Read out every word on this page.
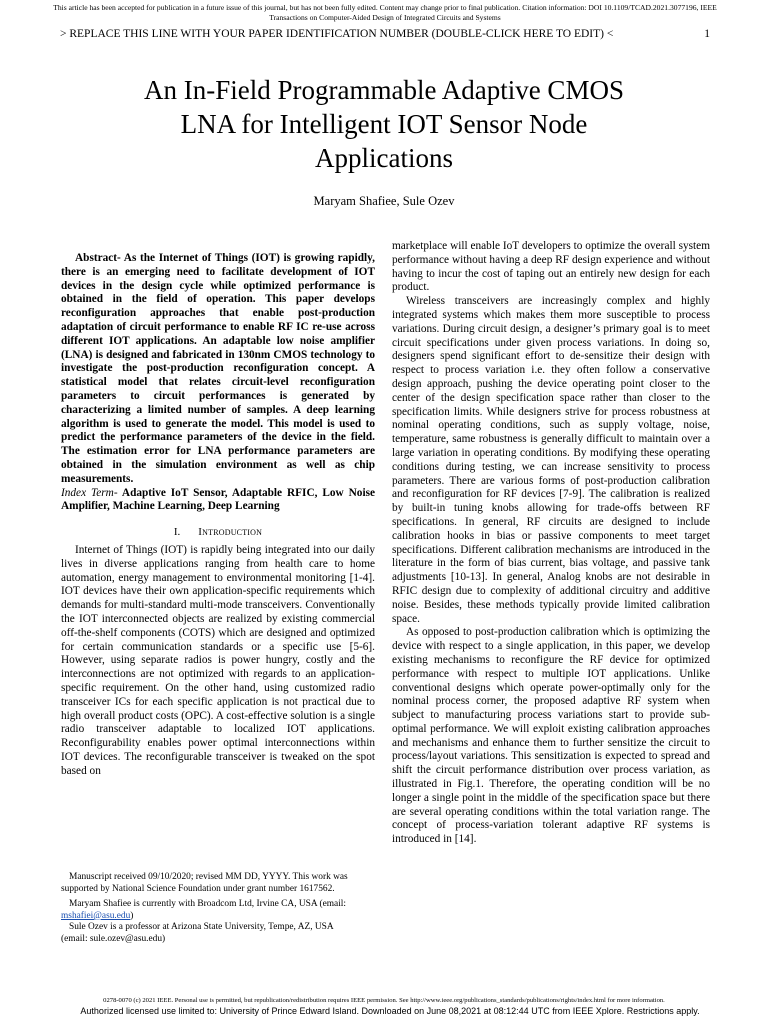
This article has been accepted for publication in a future issue of this journal, but has not been fully edited. Content may change prior to final publication. Citation information: DOI 10.1109/TCAD.2021.3077196, IEEE
Transactions on Computer-Aided Design of Integrated Circuits and Systems
> REPLACE THIS LINE WITH YOUR PAPER IDENTIFICATION NUMBER (DOUBLE-CLICK HERE TO EDIT) <	1
An In-Field Programmable Adaptive CMOS
LNA for Intelligent IOT Sensor Node
Applications
Maryam Shafiee, Sule Ozev

Abstract- As the Internet of Things (IOT) is growing rapidly, there is an emerging need to facilitate development of IOT devices in the design cycle while optimized performance is obtained in the field of operation. This paper develops reconfiguration approaches that enable post-production adaptation of circuit performance to enable RF IC re-use across different IOT applications. An adaptable low noise amplifier (LNA) is designed and fabricated in 130nm CMOS technology to investigate the post-production reconfiguration concept. A statistical model that relates circuit-level reconfiguration parameters to circuit performances is generated by characterizing a limited number of samples. A deep learning algorithm is used to generate the model. This model is used to predict the performance parameters of the device in the field. The estimation error for LNA performance parameters are obtained in the simulation environment as well as chip measurements.

Index Term- Adaptive IoT Sensor, Adaptable RFIC, Low Noise Amplifier, Machine Learning, Deep Learning

I. Introduction

Internet of Things (IOT) is rapidly being integrated into our daily lives in diverse applications ranging from health care to home automation, energy management to environmental monitoring [1-4]. IOT devices have their own application-specific requirements which demands for multi-standard multi-mode transceivers. Conventionally the IOT interconnected objects are realized by existing commercial off-the-shelf components (COTS) which are designed and optimized for certain communication standards or a specific use [5-6]. However, using separate radios is power hungry, costly and the interconnections are not optimized with regards to an application-specific requirement. On the other hand, using customized radio transceiver ICs for each specific application is not practical due to high overall product costs (OPC). A cost-effective solution is a single radio transceiver adaptable to localized IOT applications. Reconfigurability enables power optimal interconnections within IOT devices. The reconfigurable transceiver is tweaked on the spot based on

Manuscript received 09/10/2020; revised MM DD, YYYY. This work was supported by National Science Foundation under grant number 1617562.

Maryam Shafiee is currently with Broadcom Ltd, Irvine CA, USA (email: mshafiei@asu.edu)

Sule Ozev is a professor at Arizona State University, Tempe, AZ, USA (email: sule.ozev@asu.edu)

marketplace will enable IoT developers to optimize the overall system performance without having a deep RF design experience and without having to incur the cost of taping out an entirely new design for each product.

Wireless transceivers are increasingly complex and highly integrated systems which makes them more susceptible to process variations. During circuit design, a designer’s primary goal is to meet circuit specifications under given process variations. In doing so, designers spend significant effort to de-sensitize their design with respect to process variation i.e. they often follow a conservative design approach, pushing the device operating point closer to the center of the design specification space rather than closer to the specification limits. While designers strive for process robustness at nominal operating conditions, such as supply voltage, noise, temperature, same robustness is generally difficult to maintain over a large variation in operating conditions. By modifying these operating conditions during testing, we can increase sensitivity to process parameters. There are various forms of post-production calibration and reconfiguration for RF devices [7-9]. The calibration is realized by built-in tuning knobs allowing for trade-offs between RF specifications. In general, RF circuits are designed to include calibration hooks in bias or passive components to meet target specifications. Different calibration mechanisms are introduced in the literature in the form of bias current, bias voltage, and passive tank adjustments [10-13]. In general, Analog knobs are not desirable in RFIC design due to complexity of additional circuitry and additive noise. Besides, these methods typically provide limited calibration space.

As opposed to post-production calibration which is optimizing the device with respect to a single application, in this paper, we develop existing mechanisms to reconfigure the RF device for optimized performance with respect to multiple IOT applications. Unlike conventional designs which operate power-optimally only for the nominal process corner, the proposed adaptive RF system when subject to manufacturing process variations start to provide sub-optimal performance. We will exploit existing calibration approaches and mechanisms and enhance them to further sensitize the circuit to process/layout variations. This sensitization is expected to spread and shift the circuit performance distribution over process variation, as illustrated in Fig.1. Therefore, the operating condition will be no longer a single point in the middle of the specification space but there are several operating conditions within the total variation range. The concept of process-variation tolerant adaptive RF systems is introduced in [14].

0278-0070 (c) 2021 IEEE. Personal use is permitted, but republication/redistribution requires IEEE permission. See http://www.ieee.org/publications_standards/publications/rights/index.html for more information.
Authorized licensed use limited to: University of Prince Edward Island. Downloaded on June 08,2021 at 08:12:44 UTC from IEEE Xplore. Restrictions apply.
